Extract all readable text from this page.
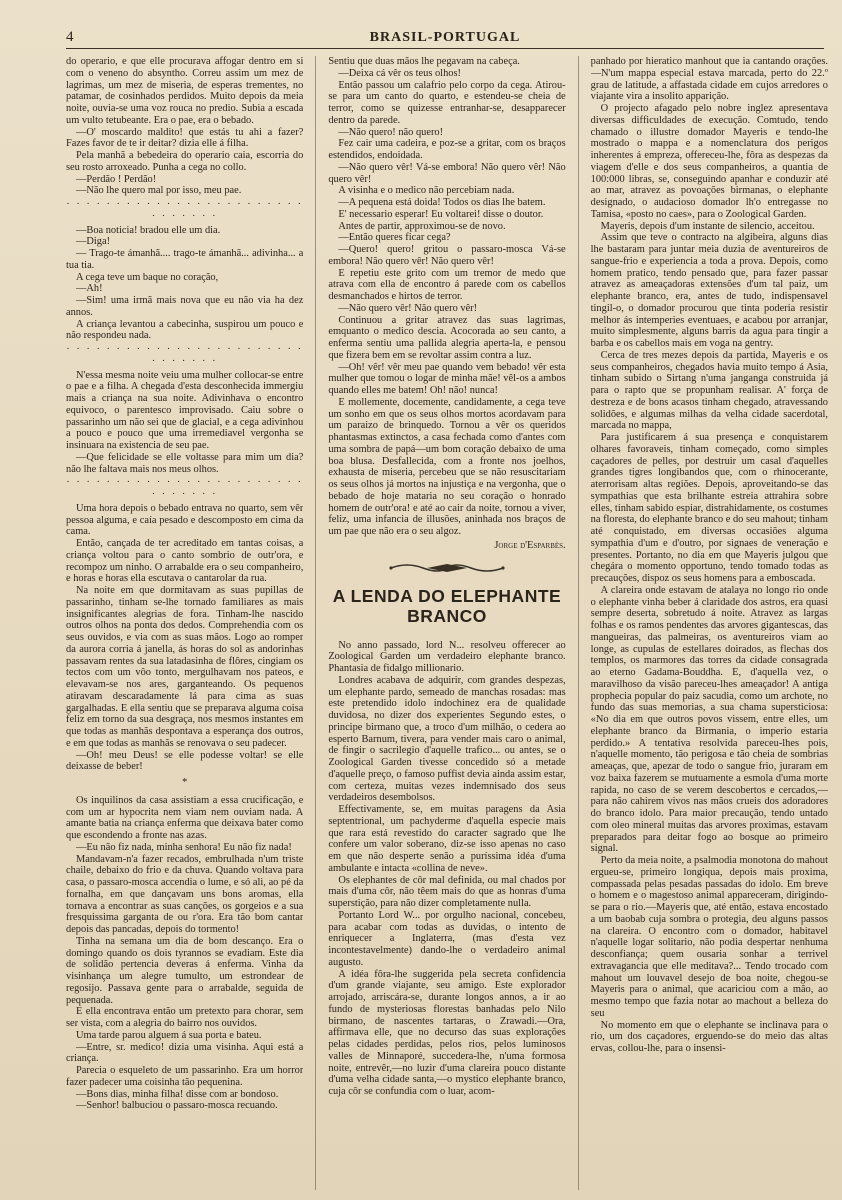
4	BRASIL-PORTUGAL

do operario, e que elle procurava affogar dentro em si com o veneno do absyntho. Correu assim um mez de lagrimas, um mez de miseria, de esperas trementes, no patamar, de cosinhados perdidos. Muito depois da meia noite, ouvia-se uma voz rouca no predio. Subia a escada um vulto tetubeante. Era o pae, era o bebado.

—O' moscardo maldito! que estás tu ahi a fazer? Fazes favor de te ir deitar? dizia elle á filha.

Pela manhã a bebedeira do operario caia, escorria do seu rosto arroxeado. Punha a cega no collo.

—Perdão ! Perdão!

—Não lhe quero mal por isso, meu pae.

· · · · · · · · · · · · · · · · · · · · · · · · · · · · · · ·

—Boa noticia! bradou elle um dia.

—Diga!

— Trago-te ámanhã.... trago-te ámanhã... adivinha... a tua tia.

A cega teve um baque no coração,

—Ah!

—Sim! uma irmã mais nova que eu não via ha dez annos.

A criança levantou a cabecinha, suspirou um pouco e não respondeu nada.

· · · · · · · · · · · · · · · · · · · · · · · · · · · · · · ·

N'essa mesma noite veiu uma mulher collocar-se entre o pae e a filha. A chegada d'esta desconhecida immergiu mais a criança na sua noite. Adivinhava o encontro equivoco, o parentesco improvisado. Caiu sobre o passarinho um não sei que de glacial, e a cega adivinhou a pouco e pouco que uma irremediavel vergonha se insinuara na existencia de seu pae.

—Que felicidade se elle voltasse para mim um dia? não lhe faltava mais nos meus olhos.

· · · · · · · · · · · · · · · · · · · · · · · · · · · · · · ·

Uma hora depois o bebado entrava no quarto, sem vêr pessoa alguma, e caía pesado e descomposto em cima da cama.

Então, cançada de ter acreditado em tantas coisas, a criança voltou para o canto sombrio de outr'ora, e recompoz um ninho. O arrabalde era o seu companheiro, e horas e horas ella escutava o cantarolar da rua.

Na noite em que dormitavam as suas pupillas de passarinho, tinham se-lhe tornado familiares as mais insignificantes alegrias de fora. Tinham-lhe nascido outros olhos na ponta dos dedos. Comprehendia com os seus ouvidos, e via com as suas mãos. Logo ao romper da aurora corria á janella, ás horas do sol as andorinhas passavam rentes da sua latadasinha de flôres, cingiam os tectos com um vôo tonto, mergulhavam nos pateos, e elevavam-se nos ares, garganteando. Os pequenos atiravam descaradamente lá para cima as suas gargalhadas. E ella sentiu que se preparava alguma coisa feliz em torno da sua desgraça, nos mesmos instantes em que todas as manhãs despontava a esperança dos outros, e em que todas as manhãs se renovava o seu padecer.

—Oh! meu Deus! se elle podesse voltar! se elle deixasse de beber!

*

Os inquilinos da casa assistiam a essa crucificação, e com um ar hypocrita nem viam nem ouviam nada. A amante batia na criança enferma que deixava bater como que escondendo a fronte nas azas.

—Eu não fiz nada, minha senhora! Eu não fiz nada!

Mandavam-n'a fazer recados, embrulhada n'um triste chaile, debaixo do frio e da chuva. Quando voltava para casa, o passaro-mosca accendia o lume, e só ali, ao pé da fornalha, em que dançavam uns bons aromas, ella tornava a encontrar as suas canções, os gorgeios e a sua fresquissima garganta de ou r'ora. Era tão bom cantar depois das pancadas, depois do tormento!

Tinha na semana um dia de bom descanço. Era o domingo quando os dois tyrannos se evadiam. Este dia de solidão pertencia deveras á enferma. Vinha da visinhança um alegre tumulto, um estrondear de regosijo. Passava gente para o arrabalde, seguida de pequenada.

E ella encontrava então um pretexto para chorar, sem ser vista, com a alegria do bairro nos ouvidos.

Uma tarde parou alguem á sua porta e bateu.

—Entre, sr. medico! dizia uma visinha. Aqui está a criança.

Parecia o esqueleto de um passarinho. Era um horror fazer padecer uma coisinha tão pequenina.

—Bons dias, minha filha! disse com ar bondoso.

—Senhor! balbuciou o passaro-mosca recuando.

Sentiu que duas mãos lhe pegavam na cabeça.

—Deixa cá vêr os teus olhos!

Então passou um calafrio pelo corpo da cega. Atirou-se para um canto do quarto, e estendeu-se cheia de terror, como se quizesse entranhar-se, desapparecer dentro da parede.

—Não quero! não quero!

Fez cair uma cadeira, e poz-se a gritar, com os braços estendidos, endoidada.

—Não quero vêr! Vá-se embora! Não quero vêr! Não quero vêr!

A visinha e o medico não percebiam nada.

—A pequena está doida! Todos os dias lhe batem.

E' necessario esperar! Eu voltarei! disse o doutor.

Antes de partir, approximou-se de novo.

—Então queres ficar cega?

—Quero! quero! gritou o passaro-mosca Vá-se embora! Não quero vêr! Não quero vêr!

E repetiu este grito com um tremor de medo que atrava com ella de encontro á parede com os cabellos desmanchados e hirtos de terror.

—Não quero vêr! Não quero vêr!

Continuou a gritar atravez das suas lagrimas, emquanto o medico descia. Acocorada ao seu canto, a enferma sentiu uma pallida alegria aperta-la, e pensou que fizera bem em se revoltar assim contra a luz.

—Oh! vêr! vêr meu pae quando vem bebado! vêr esta mulher que tomou o logar de minha mãe! vêl-os a ambos quando elles me batem! Oh! não! nunca!

E mollemente, docemente, candidamente, a cega teve um sonho em que os seus olhos mortos acordavam para um paraizo de brinquedo. Tornou a vêr os queridos phantasmas extinctos, a casa fechada como d'antes com uma sombra de papá—um bom coração debaixo de uma boa blusa. Desfallecida, com a fronte nos joelhos, exhausta de miseria, percebeu que se não resuscitariam os seus olhos já mortos na injustiça e na vergonha, que o bebado de hoje mataria no seu coração o honrado homem de outr'ora! e até ao cair da noite, tornou a viver, feliz, uma infancia de illusões, aninhada nos braços de um pae que não era o seu algoz.

Jorge d'Esparbès.

A LENDA DO ELEPHANTE BRANCO

No anno passado, lord N... resolveu offerecer ao Zoological Garden um verdadeiro elephante branco. Phantasia de fidalgo millionario.

Londres acabava de adquirir, com grandes despezas, um elephante pardo, semeado de manchas rosadas: mas este pretendido idolo indochinez era de qualidade duvidosa, no dizer dos experientes Segundo estes, o principe birmano que, a troco d'um milhão, o cedera ao esperto Barnum, tivera, para vender mais caro o animal, de fingir o sacrilegio d'aquelle trafico... ou antes, se o Zoological Garden tivesse concedido só a metade d'aquelle preço, o famoso puffist devia ainda assim estar, com certeza, muitas vezes indemnisado dos seus verdadeiros desembolsos.

Effectivamente, se, em muitas paragens da Asia septentrional, um pachyderme d'aquella especie mais que rara está revestido do caracter sagrado que lhe confere um valor soberano, diz-se isso apenas no caso em que não desperte senão a puríssima idéa d'uma ambulante e intacta «collina de neve».

Os elephantes de côr mal definida, ou mal chados por mais d'uma côr, não têem mais do que as honras d'uma superstição, para não dizer completamente nulla.

Portanto Lord W... por orgulho nacional, concebeu, para acabar com todas as duvidas, o intento de enriquecer a Inglaterra, (mas d'esta vez incontestavelmente) dando-lhe o verdadeiro animal augusto.

A idéa fôra-lhe suggerida pela secreta confidencia d'um grande viajante, seu amigo. Este explorador arrojado, arriscára-se, durante longos annos, a ir ao fundo de mysteriosas florestas banhadas pelo Nilo birmano, de nascentes tartaras, o Zrawadi.—Ora, affirmava elle, que no decurso das suas explorações pelas cidades perdidas, pelos rios, pelos luminosos valles de Minnaporé, succedera-lhe, n'uma formosa noite, entrevêr,—no luzir d'uma clareira pouco distante d'uma velha cidade santa,—o mystico elephante branco, cuja côr se confundia com o luar, acom-

panhado por hieratico manhout que ia cantando orações.—N'um mappa especial estava marcada, perto do 22.º grau de latitude, a affastada cidade em cujos arredores o viajante vira a insolito apparição.

O projecto afagado pelo nobre inglez apresentava diversas difficuldades de execução. Comtudo, tendo chamado o illustre domador Mayeris e tendo-lhe mostrado o mappa e a nomenclatura dos perigos inherentes á empreza, offereceu-lhe, fôra as despezas da viagem d'elle e dos seus companheiros, a quantia de 100:000 libras, se, conseguindo apanhar e conduzir até ao mar, atravez as povoações birmanas, o elephante designado, o audacioso domador lh'o entregasse no Tamisa, «posto no caes», para o Zoological Garden.

Mayeris, depois d'um instante de silencio, acceitou.

Assim que teve o contracto na algibeira, alguns dias lhe bastaram para juntar meia duzia de aventureiros de sangue-frio e experiencia a toda a prova. Depois, como homem pratico, tendo pensado que, para fazer passar atravez as ameaçadoras extensões d'um tal paiz, um elephante branco, era, antes de tudo, indispensavel tingil-o, o domador procurou que tinta poderia resistir melhor ás intemperies eventuaes, e acabou por arranjar, muito simplesmente, alguns barris da agua para tingir a barba e os cabellos mais em voga na gentry.

Cerca de tres mezes depois da partida, Mayeris e os seus companheiros, chegados havia muito tempo á Asia, tinham subido o Sirtang n'uma janganga construida já para o rapto que se propunham realisar. A' força de destreza e de bons acasos tinham chegado, atravessando solidões, e algumas milhas da velha cidade sacerdotal, marcada no mappa,

Para justificarem á sua presença e conquistarem olhares favoraveis, tinham começado, como simples caçadores de pelles, por destruir um casal d'aquelles grandes tigres longibandos que, com o rhinocerante, aterrorisam altas regiões. Depois, aproveitando-se das sympathias que esta brilhante estreia attrahira sobre elles, tinham sabido espiar, distrahidamente, os costumes na floresta, do elephante branco e do seu mahout; tinham até conquistado, em diversas occasiões alguma sympathia d'um e d'outro, por signaes de veneração e presentes. Portanto, no dia em que Mayeris julgou que chegára o momento opportuno, tendo tomado todas as precauções, dispoz os seus homens para a emboscada.

A clareira onde estavam de atalaya no longo rio onde o elephante vinha beber á claridade dos astros, era quasi sempre deserta, sobretudo á noite. Atravez as largas folhas e os ramos pendentes das arvores gigantescas, das mangueiras, das palmeiras, os aventureiros viam ao longe, as cupulas de estellares doirados, as flechas dos templos, os marmores das torres da cidade consagrada ao eterno Gadama-Bouddha. E, d'aquella vez, o maravilhoso da visão pareceu-lhes ameaçador! A antiga prophecia popular do paiz sacudia, como um archote, no fundo das suas memorias, a sua chama supersticiosa: «No dia em que outros povos vissem, entre elles, um elephante branco da Birmania, o imperio estaria perdido.» A tentativa resolvida pareceu-lhes pois, n'aquelle momento, tão perigosa e tão cheia de sombrias ameaças, que, apezar de todo o sangue frio, juraram em voz baixa fazerem se mutuamente a esmola d'uma morte rapida, no caso de se verem descobertos e cercados,—para não cahirem vivos nas mãos crueis dos adoradores do branco idolo. Para maior precaução, tendo untado com oleo mineral muitas das arvores proximas, estavam preparados para deitar fogo ao bosque ao primeiro signal.

Perto da meia noite, a psalmodia monotona do mahout ergueu-se, primeiro longiqua, depois mais proxima, compassada pelas pesadas passadas do idolo. Em breve o homem e o magestoso animal appareceram, dirigindo-se para o rio.—Mayeris que, até então, estava encostado a um baobab cuja sombra o protegia, deu alguns passos na clareira. O encontro com o domador, habitavel n'aquelle logar solitario, não podia despertar nenhuma desconfiança; quem ousaria sonhar a terrivel extravagancia que elle meditava?... Tendo trocado com mahout um louvavel desejo de boa noite, chegou-se Mayeris para o animal, que acariciou com a mão, ao mesmo tempo que fazia notar ao machout a belleza do seu

No momento em que o elephante se inclinava para o rio, um dos caçadores, erguendo-se do meio das altas ervas, collou-lhe, para o insensi-
